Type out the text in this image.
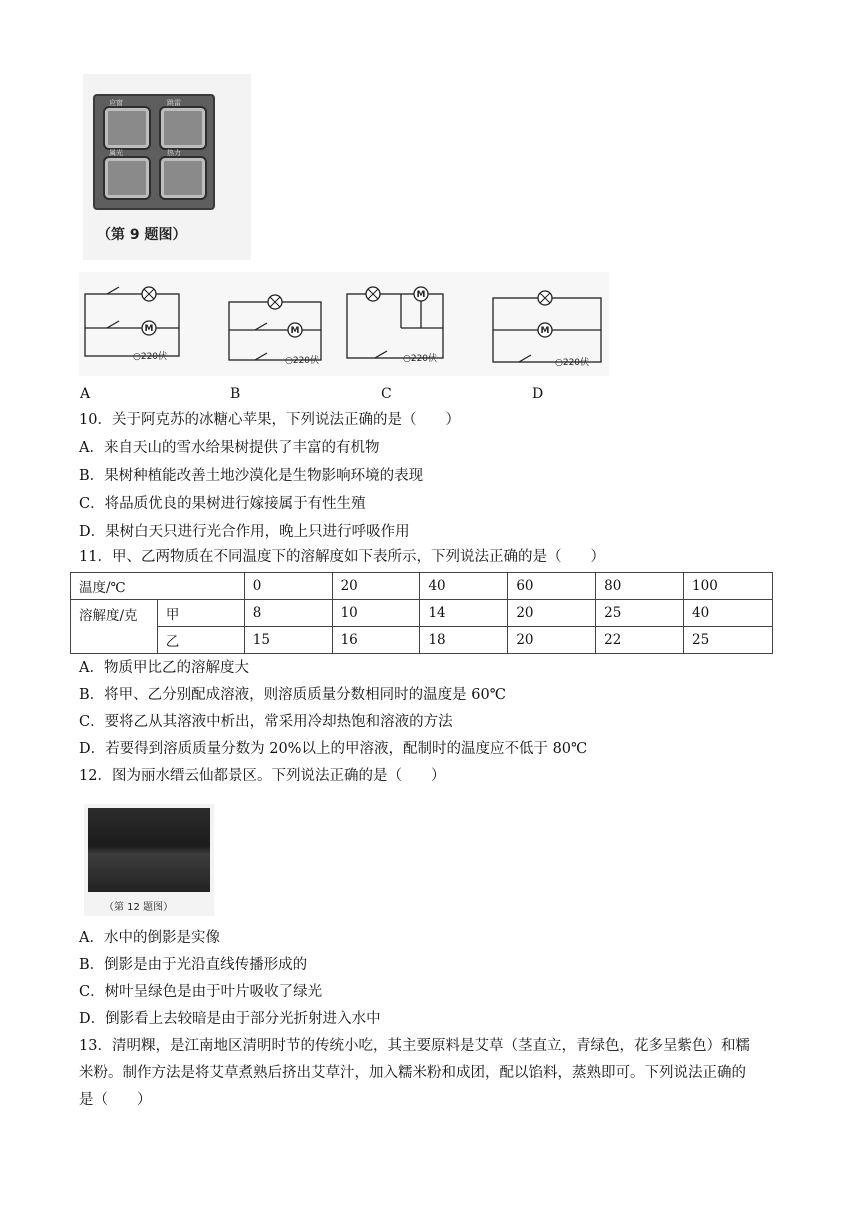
应窗	跳雷
属光	热力
（第 9 题图）
M	M
M
M
○220伏	○220伏	○220伏	○220伏
A	B	C	D
10．关于阿克苏的冰糖心苹果，下列说法正确的是（　　）
A．来自天山的雪水给果树提供了丰富的有机物
B．果树种植能改善土地沙漠化是生物影响环境的表现
C．将品质优良的果树进行嫁接属于有性生殖
D．果树白天只进行光合作用，晚上只进行呼吸作用
11．甲、乙两物质在不同温度下的溶解度如下表所示，下列说法正确的是（　　）
温度/℃		0	20	40	60	80	100
溶解度/克	甲	8	10	14	20	25	40
	乙	15	16	18	20	22	25
A．物质甲比乙的溶解度大
B．将甲、乙分别配成溶液，则溶质质量分数相同时的温度是 60℃
C．要将乙从其溶液中析出，常采用冷却热饱和溶液的方法
D．若要得到溶质质量分数为 20%以上的甲溶液，配制时的温度应不低于 80℃
12．图为丽水缙云仙都景区。下列说法正确的是（　　）
（第 12 题图）
A．水中的倒影是实像
B．倒影是由于光沿直线传播形成的
C．树叶呈绿色是由于叶片吸收了绿光
D．倒影看上去较暗是由于部分光折射进入水中
13．清明粿，是江南地区清明时节的传统小吃，其主要原料是艾草（茎直立，青绿色，花多呈紫色）和糯
米粉。制作方法是将艾草煮熟后挤出艾草汁，加入糯米粉和成团，配以馅料，蒸熟即可。下列说法正确的
是（　　）
